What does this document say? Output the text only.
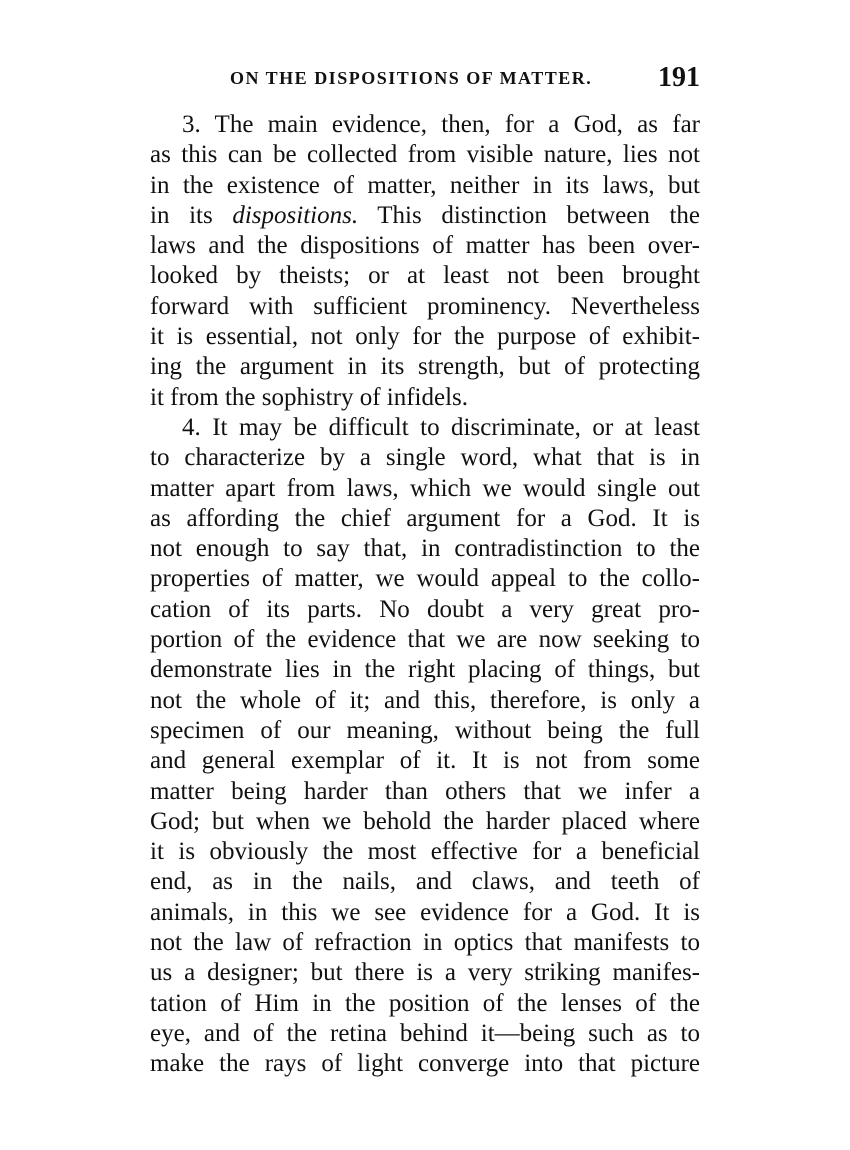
ON THE DISPOSITIONS OF MATTER. 191
3. The main evidence, then, for a God, as far
as this can be collected from visible nature, lies not
in the existence of matter, neither in its laws, but
in its dispositions. This distinction between the
laws and the dispositions of matter has been over-
looked by theists; or at least not been brought
forward with sufficient prominency. Nevertheless
it is essential, not only for the purpose of exhibit-
ing the argument in its strength, but of protecting
it from the sophistry of infidels.
4. It may be difficult to discriminate, or at least
to characterize by a single word, what that is in
matter apart from laws, which we would single out
as affording the chief argument for a God. It is
not enough to say that, in contradistinction to the
properties of matter, we would appeal to the collo-
cation of its parts. No doubt a very great pro-
portion of the evidence that we are now seeking to
demonstrate lies in the right placing of things, but
not the whole of it; and this, therefore, is only a
specimen of our meaning, without being the full
and general exemplar of it. It is not from some
matter being harder than others that we infer a
God; but when we behold the harder placed where
it is obviously the most effective for a beneficial
end, as in the nails, and claws, and teeth of
animals, in this we see evidence for a God. It is
not the law of refraction in optics that manifests to
us a designer; but there is a very striking manifes-
tation of Him in the position of the lenses of the
eye, and of the retina behind it—being such as to
make the rays of light converge into that picture
